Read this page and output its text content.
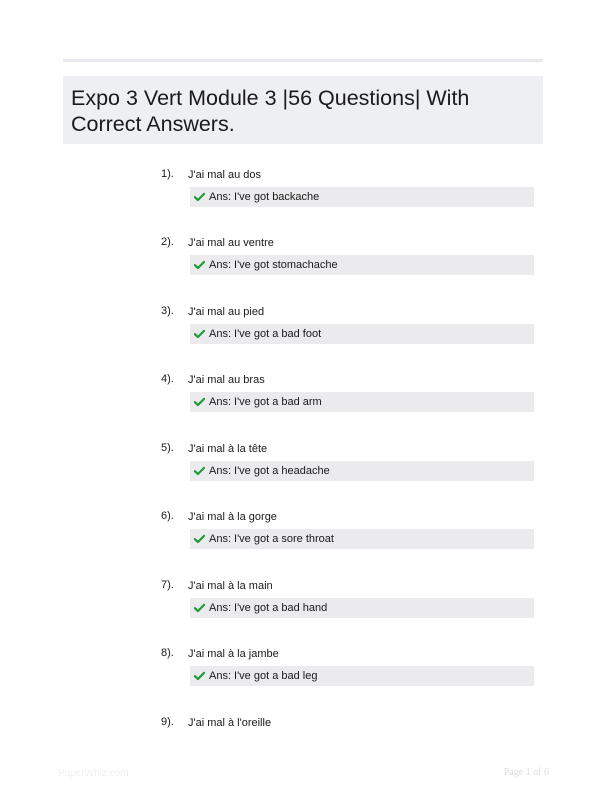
Expo 3 Vert Module 3 |56 Questions| With Correct Answers.
1). J'ai mal au dos
Ans: I've got backache
2). J'ai mal au ventre
Ans: I've got stomachache
3). J'ai mal au pied
Ans: I've got a bad foot
4). J'ai mal au bras
Ans: I've got a bad arm
5). J'ai mal à la tête
Ans: I've got a headache
6). J'ai mal à la gorge
Ans: I've got a sore throat
7). J'ai mal à la main
Ans: I've got a bad hand
8). J'ai mal à la jambe
Ans: I've got a bad leg
9). J'ai mal à l'oreille
PaperWhiz.com	Page 1 of 6
